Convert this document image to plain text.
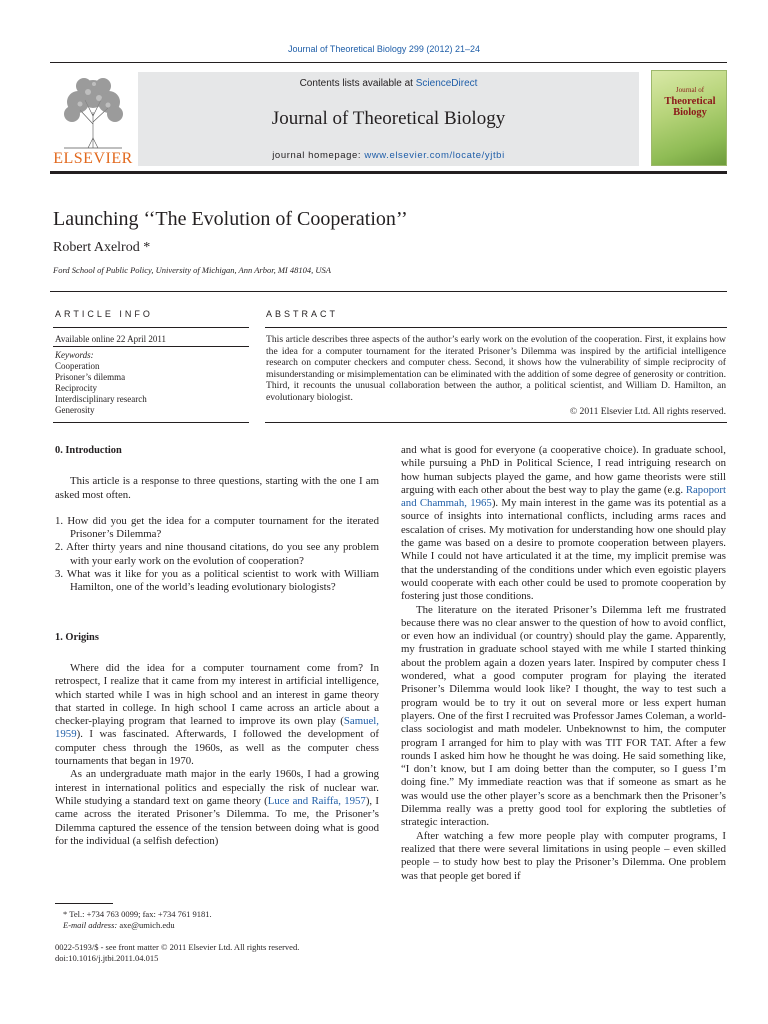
Journal of Theoretical Biology 299 (2012) 21–24
ELSEVIER
Contents lists available at ScienceDirect
Journal of Theoretical Biology
journal homepage: www.elsevier.com/locate/yjtbi
Journal of
Theoretical
Biology
Launching ‘‘The Evolution of Cooperation’’
Robert Axelrod *
Ford School of Public Policy, University of Michigan, Ann Arbor, MI 48104, USA
ARTICLE INFO
Available online 22 April 2011
Keywords:
Cooperation
Prisoner’s dilemma
Reciprocity
Interdisciplinary research
Generosity
ABSTRACT
This article describes three aspects of the author’s early work on the evolution of the cooperation. First, it explains how the idea for a computer tournament for the iterated Prisoner’s Dilemma was inspired by the artificial intelligence research on computer checkers and computer chess. Second, it shows how the vulnerability of simple reciprocity of misunderstanding or misimplementation can be eliminated with the addition of some degree of generosity or contrition. Third, it recounts the unusual collaboration between the author, a political scientist, and William D. Hamilton, an evolutionary biologist.
© 2011 Elsevier Ltd. All rights reserved.
0. Introduction

This article is a response to three questions, starting with the one I am asked most often.

1. How did you get the idea for a computer tournament for the iterated Prisoner’s Dilemma?
2. After thirty years and nine thousand citations, do you see any problem with your early work on the evolution of cooperation?
3. What was it like for you as a political scientist to work with William Hamilton, one of the world’s leading evolutionary biologists?
1. Origins

Where did the idea for a computer tournament come from? In retrospect, I realize that it came from my interest in artificial intelligence, which started while I was in high school and an interest in game theory that started in college. In high school I came across an article about a checker-playing program that learned to improve its own play (Samuel, 1959). I was fascinated. Afterwards, I followed the development of computer chess through the 1960s, as well as the computer chess tournaments that began in 1970.

As an undergraduate math major in the early 1960s, I had a growing interest in international politics and especially the risk of nuclear war. While studying a standard text on game theory (Luce and Raiffa, 1957), I came across the iterated Prisoner’s Dilemma. To me, the Prisoner’s Dilemma captured the essence of the tension between doing what is good for the individual (a selfish defection)

and what is good for everyone (a cooperative choice). In graduate school, while pursuing a PhD in Political Science, I read intriguing research on how human subjects played the game, and how game theorists were still arguing with each other about the best way to play the game (e.g. Rapoport and Chammah, 1965). My main interest in the game was its potential as a source of insights into international conflicts, including arms races and escalation of crises. My motivation for understanding how one should play the game was based on a desire to promote cooperation between players. While I could not have articulated it at the time, my implicit premise was that the understanding of the conditions under which even egoistic players would cooperate with each other could be used to promote cooperation by fostering just those conditions.

The literature on the iterated Prisoner’s Dilemma left me frustrated because there was no clear answer to the question of how to avoid conflict, or even how an individual (or country) should play the game. Apparently, my frustration in graduate school stayed with me while I started thinking about the problem again a dozen years later. Inspired by computer chess I wondered, what a good computer program for playing the iterated Prisoner’s Dilemma would look like? I thought, the way to test such a program would be to try it out on several more or less expert human players. One of the first I recruited was Professor James Coleman, a world-class sociologist and math modeler. Unbeknownst to him, the computer program I arranged for him to play with was TIT FOR TAT. After a few rounds I asked him how he thought he was doing. He said something like, “I don’t know, but I am doing better than the computer, so I guess I’m doing fine.” My immediate reaction was that if someone as smart as he was would use the other player’s score as a benchmark then the Prisoner’s Dilemma really was a pretty good tool for exploring the subtleties of strategic interaction.

After watching a few more people play with computer programs, I realized that there were several limitations in using people – even skilled people – to study how best to play the Prisoner’s Dilemma. One problem was that people get bored if

* Tel.: +734 763 0099; fax: +734 761 9181.
E-mail address: axe@umich.edu
0022-5193/$ - see front matter © 2011 Elsevier Ltd. All rights reserved.
doi:10.1016/j.jtbi.2011.04.015
